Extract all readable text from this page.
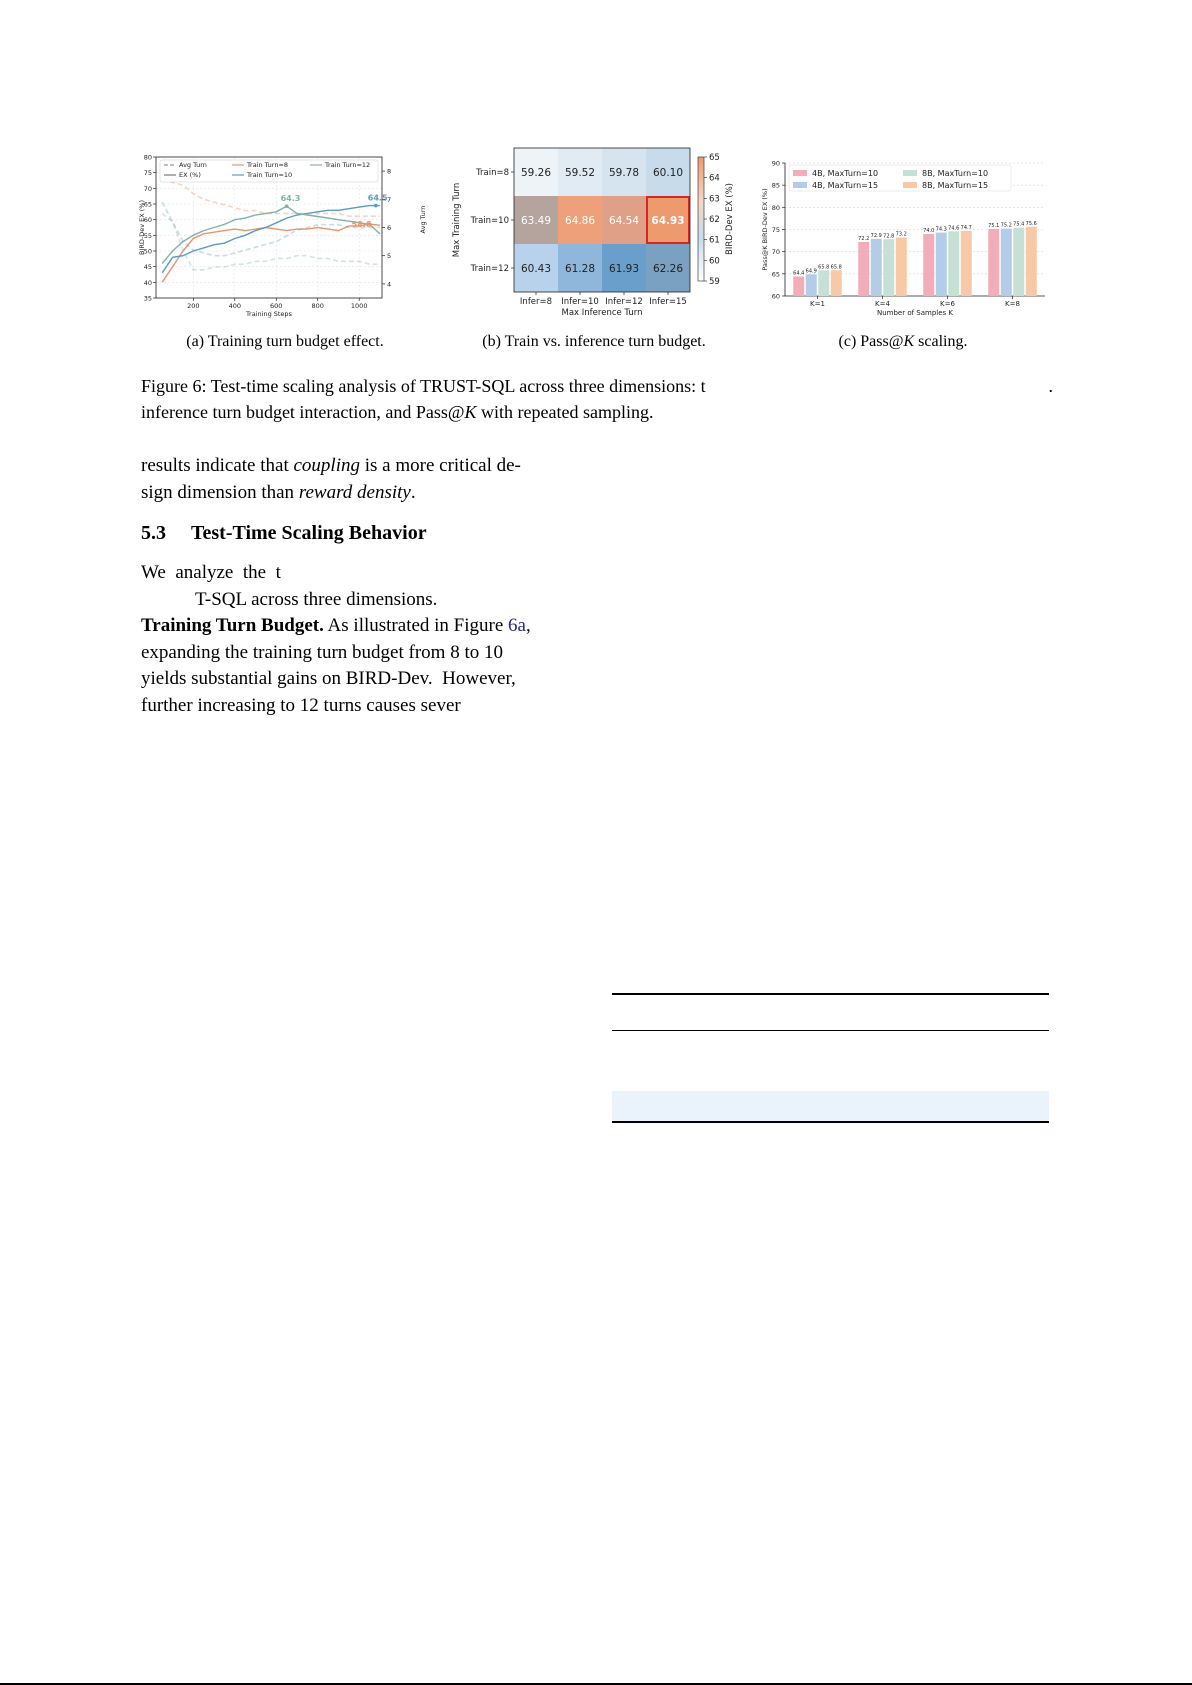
35
40
45
50
55
60
65
70
75
80
4
5
6
7
8
200	400	600	800	1000
Training Steps
BIRD-Dev EX (%)	Avg Turn
64.3	64.5
58.6
Avg Turn
EX (%)
Train Turn=8
Train Turn=10
Train Turn=12
59.26 59.52 59.78 60.10
63.49 64.86 64.54 64.93
60.43 61.28 61.93 62.26
Train=8
Train=10
Train=12
Infer=8 Infer=10 Infer=12 Infer=15
Max Inference Turn
Max Training Turn
59
60
61
62
63
64
65
BIRD-Dev EX (%)
60
65
70
75
80
85
90
64.4 64.9
65.8 65.8
K=1
72.2
72.9 72.8 73.2
K=4
74.0 74.3 74.6 74.7
K=6
75.1 75.2 75.4 75.6
K=8
Number of Samples K
Pass@K BIRD-Dev EX (%)
4B, MaxTurn=10
4B, MaxTurn=15
8B, MaxTurn=10
8B, MaxTurn=15
(a) Training turn budget effect.	(b) Train vs. inference turn budget.	(c) Pass@K scaling.
Figure 6: Test-time scaling analysis of TRUST-SQL across three dimensions: t	.
inference turn budget interaction, and Pass@K with repeated sampling.
results indicate that coupling is a more critical de-
sign dimension than reward density.
5.3 Test-Time Scaling Behavior
We  analyze  the  t
T-SQL across three dimensions.
Training Turn Budget. As illustrated in Figure 6a,
expanding the training turn budget from 8 to 10
yields substantial gains on BIRD-Dev.  However,
further increasing to 12 turns causes sever
